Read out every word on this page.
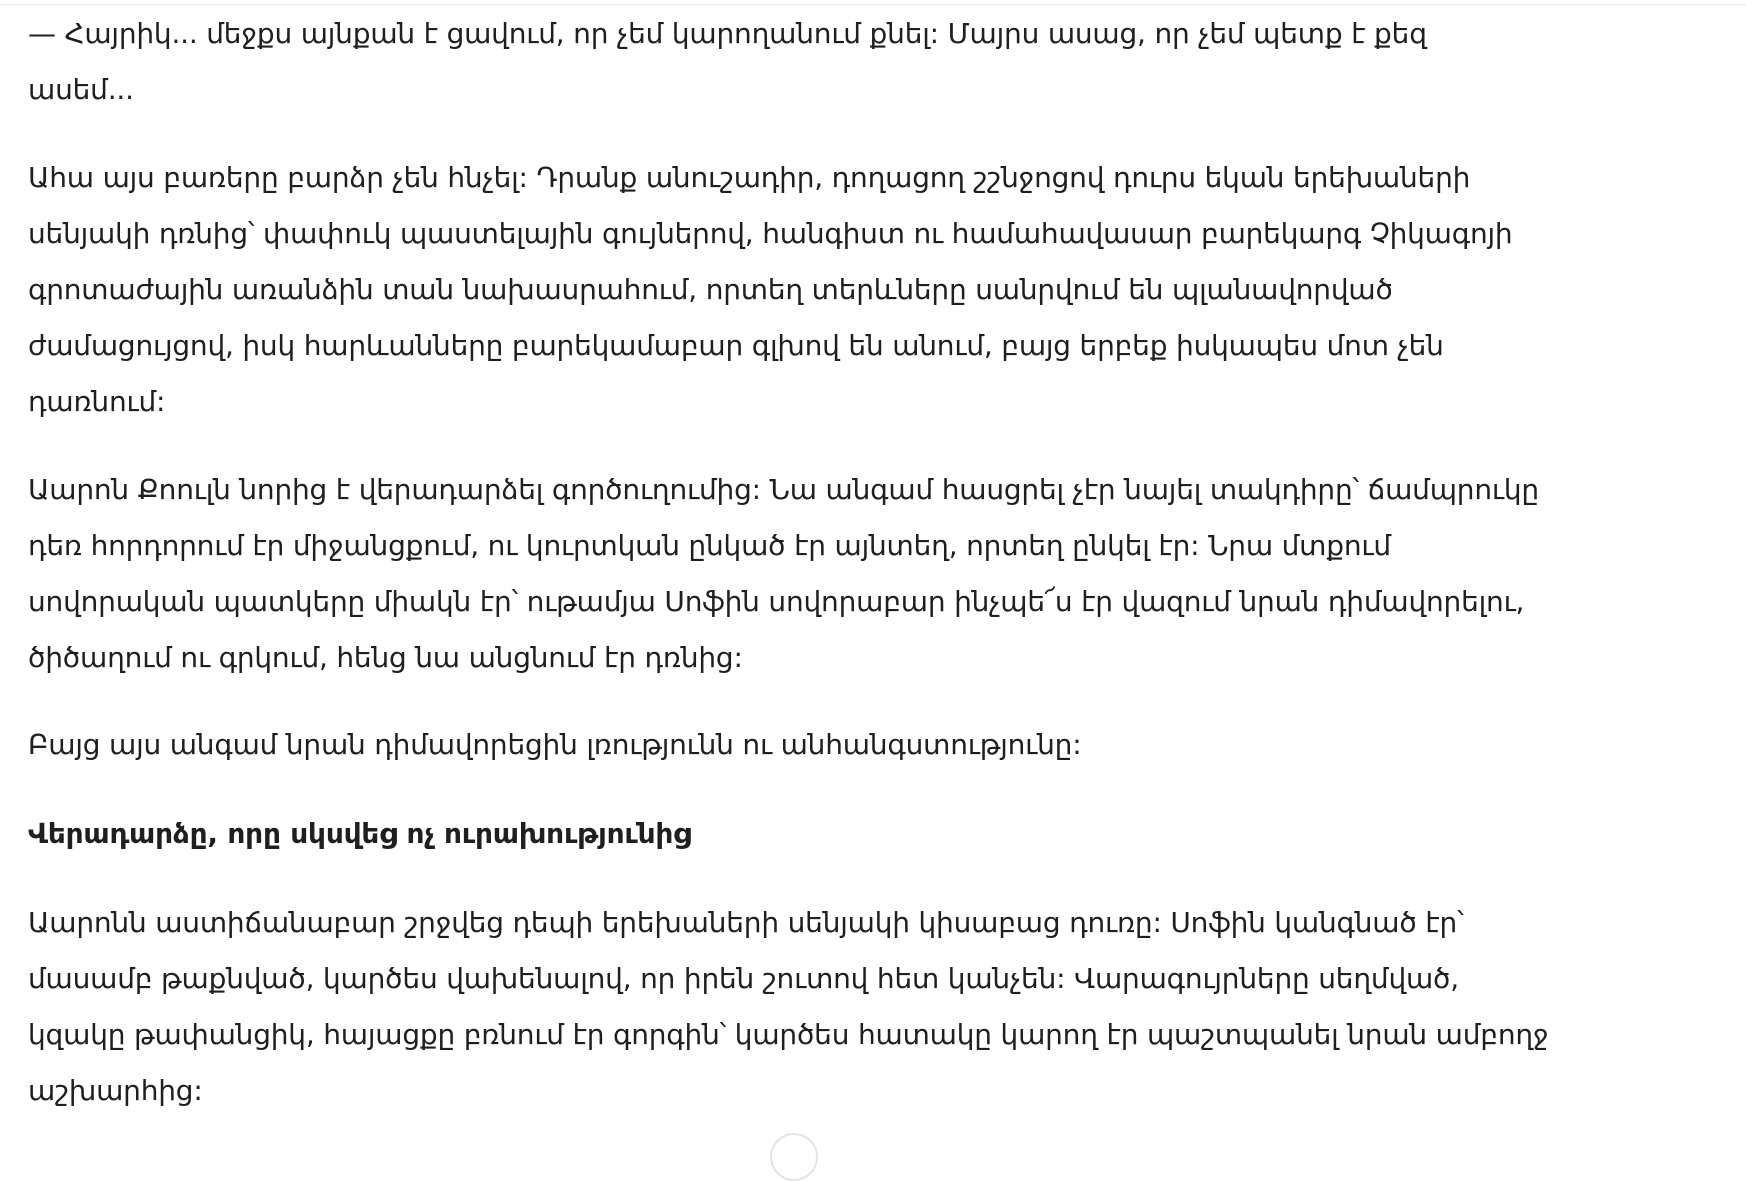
— Հայրիկ... մեջքս այնքան է ցավում, որ չեմ կարողանում քնել: Մայրս ասաց, որ չեմ պետք է քեզ ասեմ...

Ահա այս բառերը բարձր չեն հնչել: Դրանք անուշադիր, դողացող շշնջոցով դուրս եկան երեխաների սենյակի դռնից՝ փափուկ պաստելային գույներով, հանգիստ ու համահավասար բարեկարգ Չիկագոյի գրոտաժային առանձին տան նախասրահում, որտեղ տերևները սանրվում են պլանավորված ժամացույցով, իսկ հարևանները բարեկամաբար գլխով են անում, բայց երբեք իսկապես մոտ չեն դառնում:

Աարոն Քոուլն նորից է վերադարձել գործուղումից: Նա անգամ հասցրել չէր նայել տակդիրը՝ ճամպրուկը դեռ հորդորում էր միջանցքում, ու կուրտկան ընկած էր այնտեղ, որտեղ ընկել էր: Նրա մտքում սովորական պատկերը միակն էր՝ ութամյա Սոֆին սովորաբար ինչպե՜ս էր վազում նրան դիմավորելու, ծիծաղում ու գրկում, հենց նա անցնում էր դռնից:

Բայց այս անգամ նրան դիմավորեցին լռությունն ու անհանգստությունը:

Վերադարձը, որը սկսվեց ոչ ուրախությունից

Աարոնն աստիճանաբար շրջվեց դեպի երեխաների սենյակի կիսաբաց դուռը: Սոֆին կանգնած էր՝ մասամբ թաքնված, կարծես վախենալով, որ իրեն շուտով հետ կանչեն: Վարագույրները սեղմված, կզակը թափանցիկ, հայացքը բռնում էր գորգին՝ կարծես հատակը կարող էր պաշտպանել նրան ամբողջ աշխարհից:
